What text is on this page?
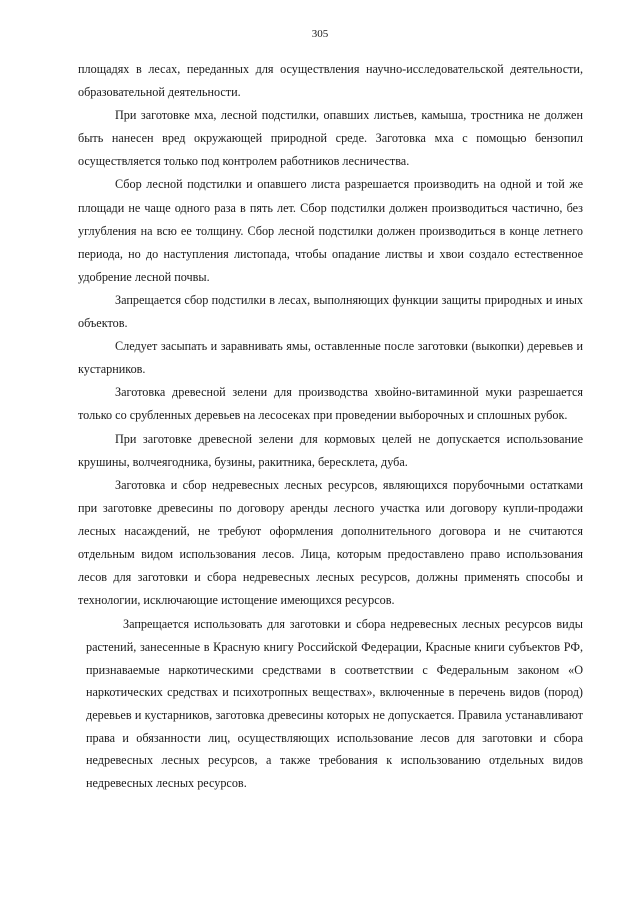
305

площадях в лесах, переданных для осуществления научно-исследовательской деятельности, образовательной деятельности.

При заготовке мха, лесной подстилки, опавших листьев, камыша, тростника не должен быть нанесен вред окружающей природной среде. Заготовка мха с помощью бензопил осуществляется только под контролем работников лесничества.

Сбор лесной подстилки и опавшего листа разрешается производить на одной и той же площади не чаще одного раза в пять лет. Сбор подстилки должен производиться частично, без углубления на всю ее толщину. Сбор лесной подстилки должен производиться в конце летнего периода, но до наступления листопада, чтобы опадание листвы и хвои создало естественное удобрение лесной почвы.

Запрещается сбор подстилки в лесах, выполняющих функции защиты природных и иных объектов.

Следует засыпать и заравнивать ямы, оставленные после заготовки (выкопки) деревьев и кустарников.

Заготовка древесной зелени для производства хвойно-витаминной муки разрешается только со срубленных деревьев на лесосеках при проведении выборочных и сплошных рубок.

При заготовке древесной зелени для кормовых целей не допускается использование крушины, волчеягодника, бузины, ракитника, бересклета, дуба.

Заготовка и сбор недревесных лесных ресурсов, являющихся порубочными остатками при заготовке древесины по договору аренды лесного участка или договору купли-продажи лесных насаждений, не требуют оформления дополнительного договора и не считаются отдельным видом использования лесов. Лица, которым предоставлено право использования лесов для заготовки и сбора недревесных лесных ресурсов, должны применять способы и технологии, исключающие истощение имеющихся ресурсов.

Запрещается использовать для заготовки и сбора недревесных лесных ресурсов виды растений, занесенные в Красную книгу Российской Федерации, Красные книги субъектов РФ, признаваемые наркотическими средствами в соответствии с Федеральным законом «О наркотических средствах и психотропных веществах», включенные в перечень видов (пород) деревьев и кустарников, заготовка древесины которых не допускается. Правила устанавливают права и обязанности лиц, осуществляющих использование лесов для заготовки и сбора недревесных лесных ресурсов, а также требования к использованию отдельных видов недревесных лесных ресурсов.
